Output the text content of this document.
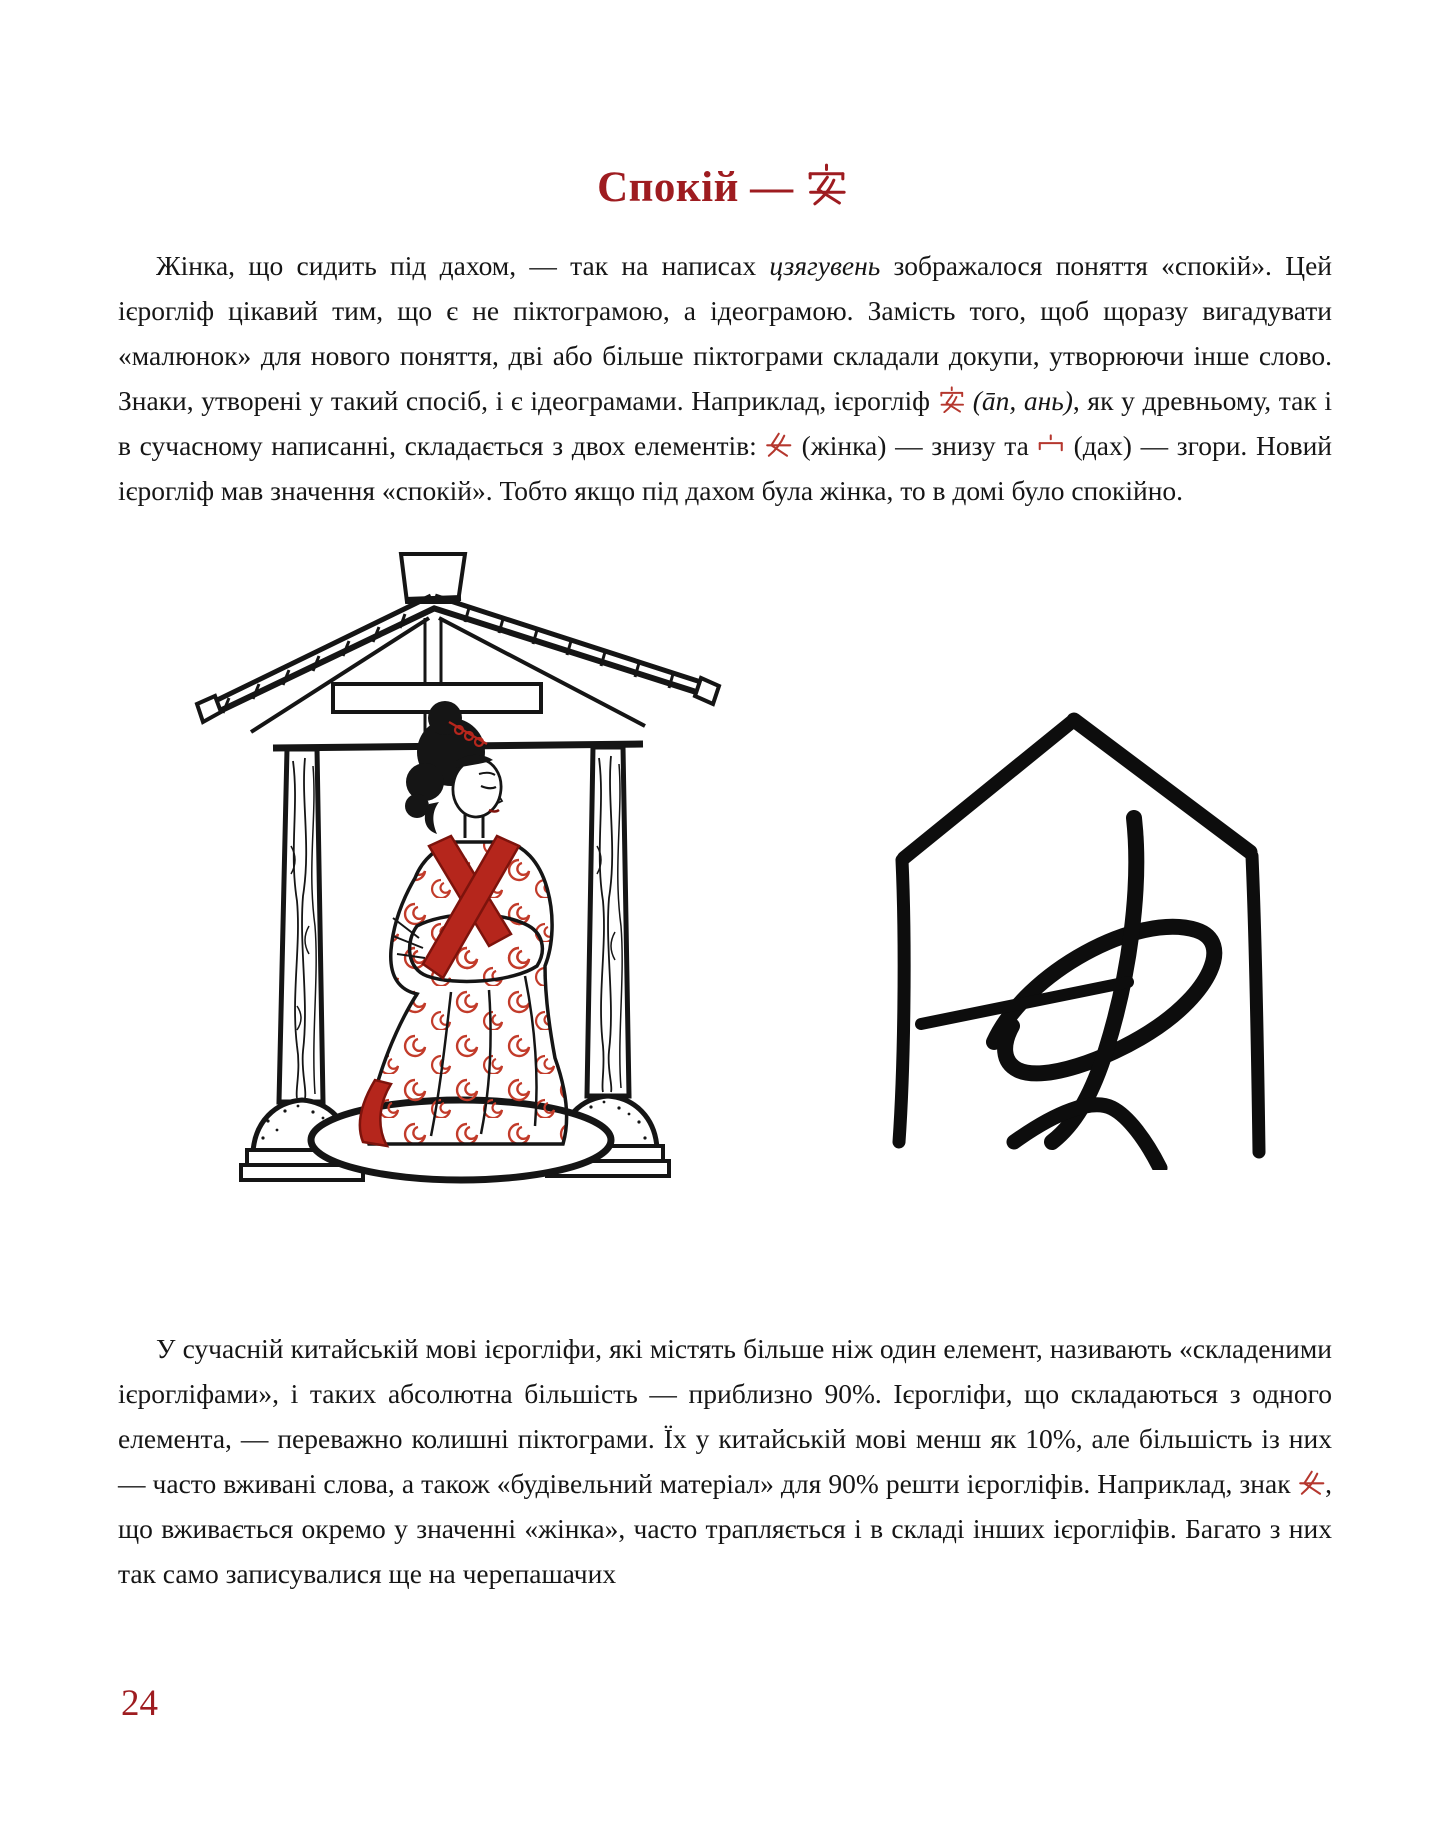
Спокій —

Жінка, що сидить під дахом, — так на написах цзягувень зображалося поняття «спокій». Цей ієрогліф цікавий тим, що є не піктограмою, а ідеограмою. Замість того, щоб щоразу вигадувати «малюнок» для нового поняття, дві або більше піктограми складали докупи, утворюючи інше слово. Знаки, утворені у такий спосіб, і є ідеограмами. Наприклад, ієрогліф
(ān, ань), як у древньому, так і в сучасному написанні, складається з двох елементів:
(жінка) — знизу та
(дах) — згори. Новий ієрогліф мав значення «спокій». Тобто якщо під дахом була жінка, то в домі було спокійно.

У сучасній китайській мові ієрогліфи, які містять більше ніж один елемент, називають «складеними ієрогліфами», і таких абсолютна більшість — приблизно 90%. Ієрогліфи, що складаються з одного елемента, — переважно колишні піктограми. Їх у китайській мові менш як 10%, але більшість із них — часто вживані слова, а також «будівельний матеріал» для 90% решти ієрогліфів. Наприклад, знак
, що вживається окремо у значенні «жінка», часто трапляється і в складі інших ієрогліфів. Багато з них так само записувалися ще на черепашачих

24
